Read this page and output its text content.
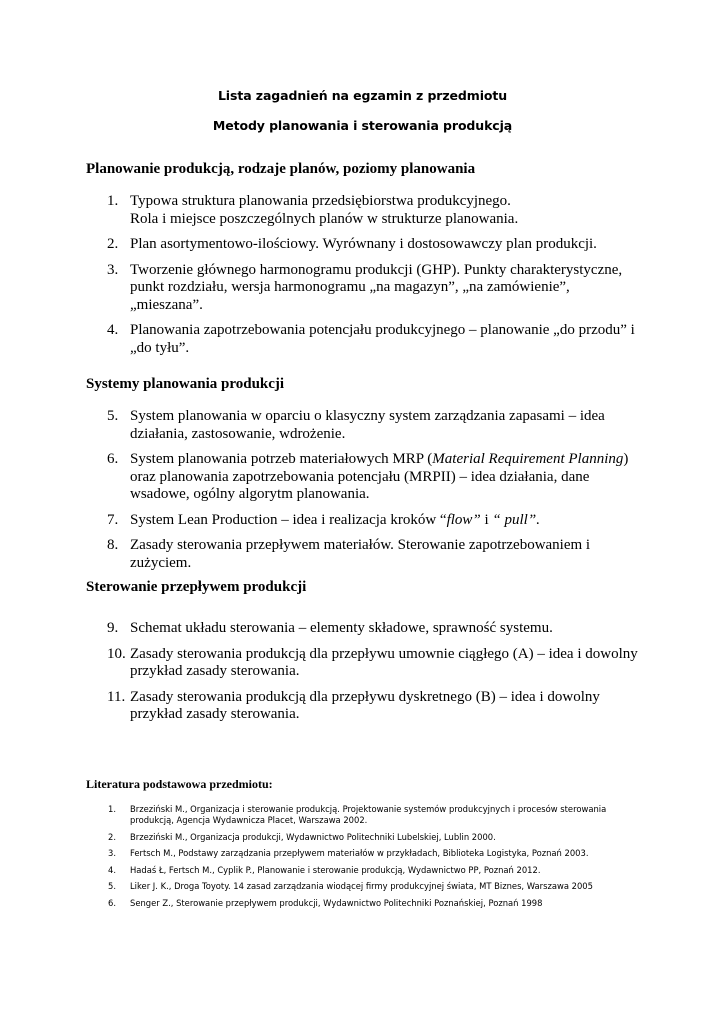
Lista zagadnień na egzamin z przedmiotu
Metody planowania i sterowania produkcją
Planowanie produkcją, rodzaje planów, poziomy planowania
1. Typowa struktura planowania przedsiębiorstwa produkcyjnego.
Rola i miejsce poszczególnych planów w strukturze planowania.
2. Plan asortymentowo-ilościowy. Wyrównany i dostosowawczy plan produkcji.
3. Tworzenie głównego harmonogramu produkcji (GHP). Punkty charakterystyczne, punkt rozdziału, wersja harmonogramu „na magazyn”, „na zamówienie”, „mieszana”.
4. Planowania zapotrzebowania potencjału produkcyjnego – planowanie „do przodu” i „do tyłu”.
Systemy planowania produkcji
5. System planowania w oparciu o klasyczny system zarządzania zapasami – idea działania, zastosowanie, wdrożenie.
6. System planowania potrzeb materiałowych MRP (Material Requirement Planning) oraz planowania zapotrzebowania potencjału (MRPII) – idea działania, dane wsadowe, ogólny algorytm planowania.
7. System Lean Production – idea i realizacja kroków “flow” i “ pull”.
8. Zasady sterowania przepływem materiałów. Sterowanie zapotrzebowaniem i zużyciem.
Sterowanie przepływem produkcji
9. Schemat układu sterowania – elementy składowe, sprawność systemu.
10. Zasady sterowania produkcją dla przepływu umownie ciągłego (A) – idea i dowolny przykład zasady sterowania.
11. Zasady sterowania produkcją dla przepływu dyskretnego (B) – idea i dowolny przykład zasady sterowania.
Literatura podstawowa przedmiotu:
1. Brzeziński M., Organizacja i sterowanie produkcją. Projektowanie systemów produkcyjnych i procesów sterowania produkcją, Agencja Wydawnicza Placet, Warszawa 2002.
2. Brzeziński M., Organizacja produkcji, Wydawnictwo Politechniki Lubelskiej, Lublin 2000.
3. Fertsch M., Podstawy zarządzania przepływem materiałów w przykładach, Biblioteka Logistyka, Poznań 2003.
4. Hadaś Ł, Fertsch M., Cyplik P., Planowanie i sterowanie produkcją, Wydawnictwo PP, Poznań 2012.
5. Liker J. K., Droga Toyoty. 14 zasad zarządzania wiodącej firmy produkcyjnej świata, MT Biznes, Warszawa 2005
6. Senger Z., Sterowanie przepływem produkcji, Wydawnictwo Politechniki Poznańskiej, Poznań 1998
